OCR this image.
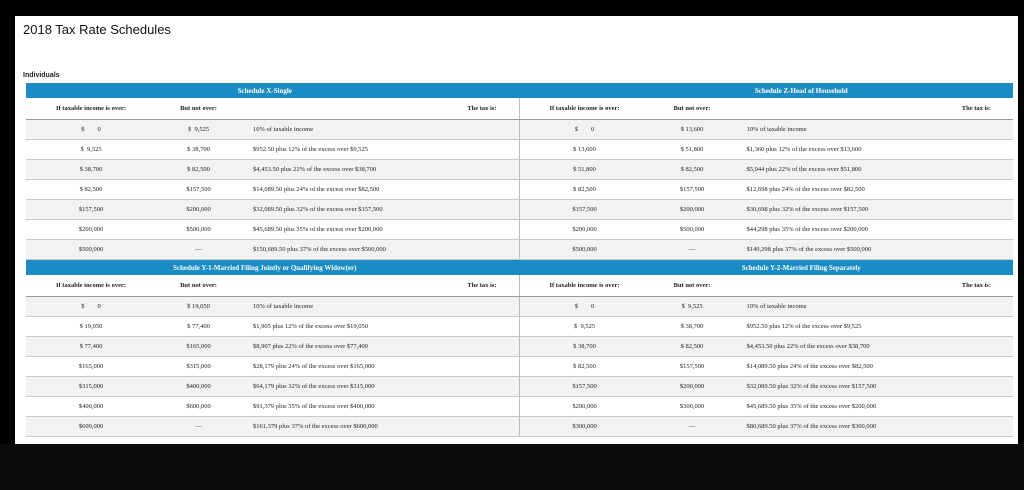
2018 Tax Rate Schedules
Individuals
Schedule X-Single	Schedule Z-Head of Household
If taxable income is over:	But not over:	The tax is:
$        0	$  9,525	10% of taxable income
$  9,525	$ 38,700	$952.50 plus 12% of the excess over $9,525
$ 38,700	$ 82,500	$4,453.50 plus 22% of the excess over $38,700
$ 82,500	$157,500	$14,089.50 plus 24% of the excess over $82,500
$157,500	$200,000	$32,089.50 plus 32% of the excess over $157,500
$200,000	$500,000	$45,689.50 plus 35% of the excess over $200,000
$500,000	—	$150,689.50 plus 37% of the excess over $500,000
If taxable income is over:	But not over:	The tax is:
$        0	$ 13,600	10% of taxable income
$ 13,600	$ 51,800	$1,360 plus 12% of the excess over $13,600
$ 51,800	$ 82,500	$5,944 plus 22% of the excess over $51,800
$ 82,500	$157,500	$12,698 plus 24% of the excess over $82,500
$157,500	$200,000	$30,698 plus 32% of the excess over $157,500
$200,000	$500,000	$44,298 plus 35% of the excess over $200,000
$500,000	—	$149,298 plus 37% of the excess over $500,000
Schedule Y-1-Married Filing Jointly or Qualifying Widow(er)	Schedule Y-2-Married Filing Separately
If taxable income is over:	But not over:	The tax is:
$        0	$ 19,050	10% of taxable income
$ 19,050	$ 77,400	$1,905 plus 12% of the excess over $19,050
$ 77,400	$165,000	$8,907 plus 22% of the excess over $77,400
$165,000	$315,000	$28,179 plus 24% of the excess over $165,000
$315,000	$400,000	$64,179 plus 32% of the excess over $315,000
$400,000	$600,000	$91,379 plus 35% of the excess over $400,000
$600,000	—	$161,379 plus 37% of the excess over $600,000
If taxable income is over:	But not over:	The tax is:
$        0	$  9,525	10% of taxable income
$  9,525	$ 38,700	$952.50 plus 12% of the excess over $9,525
$ 38,700	$ 82,500	$4,453.50 plus 22% of the excess over $38,700
$ 82,500	$157,500	$14,089.50 plus 24% of the excess over $82,500
$157,500	$200,000	$32,089.50 plus 32% of the excess over $157,500
$200,000	$300,000	$45,689.50 plus 35% of the excess over $200,000
$300,000	—	$80,689.50 plus 37% of the excess over $300,000
